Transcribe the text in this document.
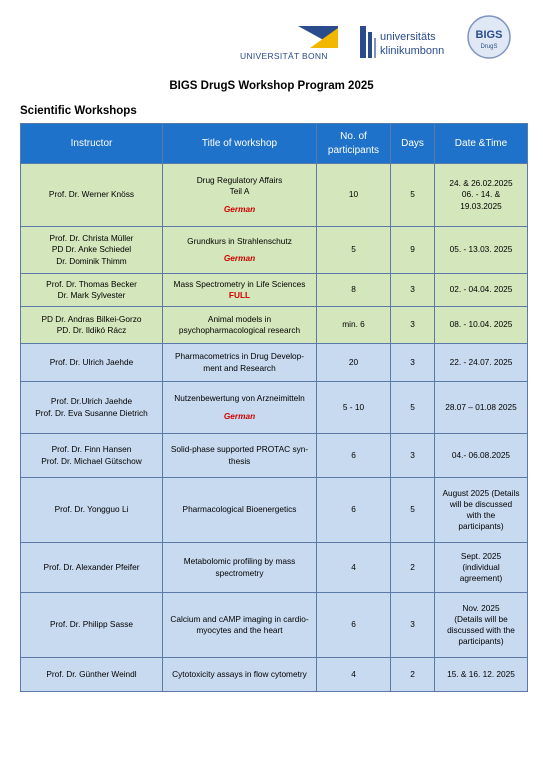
UNIVERSITÄT BONN
universitäts
klinikumbonn
BIGS
DrugS
BIGS DrugS Workshop Program 2025
Scientific Workshops
Instructor	Title of workshop	No. of participants	Days	Date &Time

Prof. Dr. Werner Knöss	Drug Regulatory Affairs
Teil A
German	10	5	24. & 26.02.2025
06. - 14. &
19.03.2025

Prof. Dr. Christa Müller
PD Dr. Anke Schiedel
Dr. Dominik Thimm	Grundkurs in Strahlenschutz
German	5	9	05. - 13.03. 2025

Prof. Dr. Thomas Becker
Dr. Mark Sylvester	Mass Spectrometry in Life Sciences
FULL	8	3	02. - 04.04. 2025

PD Dr. Andras Bilkei-Gorzo
PD. Dr. Ildikó Rácz	Animal models in
psychopharmacological research	min. 6	3	08. - 10.04. 2025

Prof. Dr. Ulrich Jaehde	Pharmacometrics in Drug Develop-
ment and Research	20	3	22. - 24.07. 2025

Prof. Dr.Ulrich Jaehde
Prof. Dr. Eva Susanne Dietrich	Nutzenbewertung von Arzneimitteln
German	5 - 10	5	28.07 – 01.08 2025

Prof. Dr. Finn Hansen
Prof. Dr. Michael Gütschow	Solid-phase supported PROTAC syn-
thesis	6	3	04.- 06.08.2025

Prof. Dr. Yongguo Li	Pharmacological Bioenergetics	6	5	August 2025 (Details
will be discussed
with the
participants)

Prof. Dr. Alexander Pfeifer	Metabolomic profiling by mass
spectrometry	4	2	Sept. 2025
(individual
agreement)

Prof. Dr. Philipp Sasse	Calcium and cAMP imaging in cardio-
myocytes and the heart	6	3	Nov. 2025
(Details will be
discussed with the
participants)

Prof. Dr. Günther Weindl	Cytotoxicity assays in flow cytometry	4	2	15. & 16. 12. 2025
